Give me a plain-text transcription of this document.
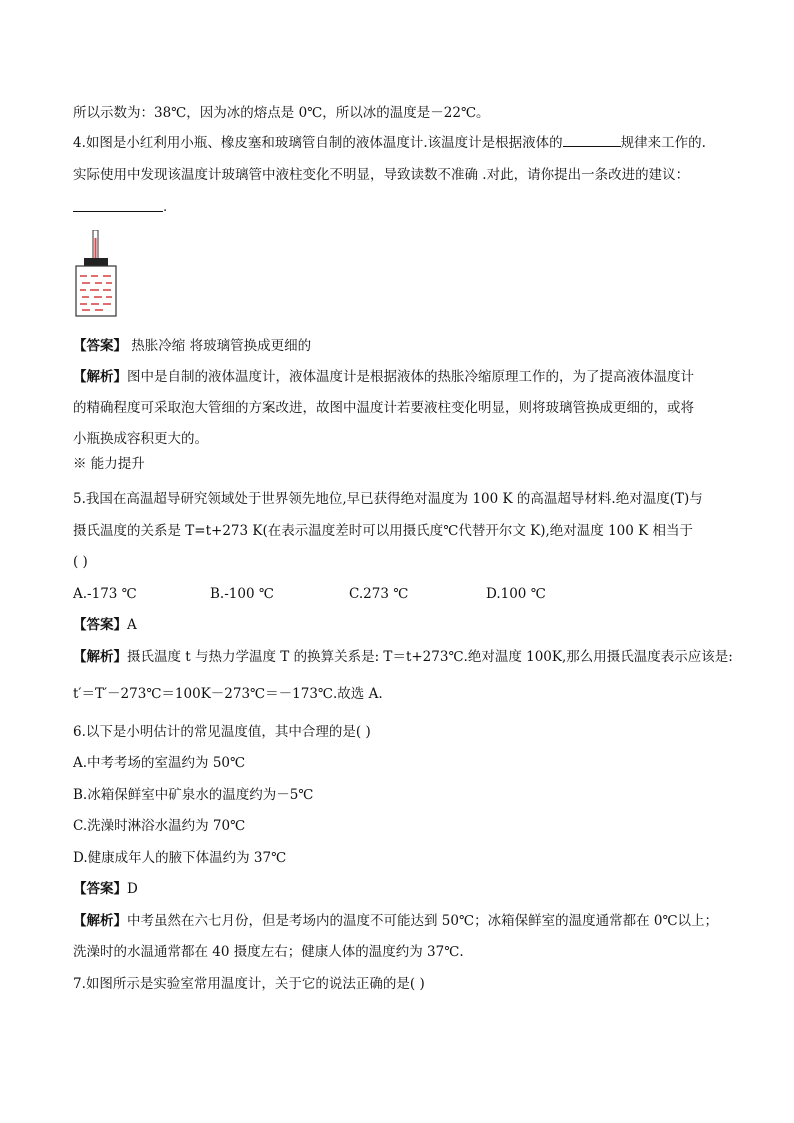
所以示数为：38℃，因为冰的熔点是 0℃，所以冰的温度是－22℃。
4.如图是小红利用小瓶、橡皮塞和玻璃管自制的液体温度计.该温度计是根据液体的	规律来工作的.
实际使用中发现该温度计玻璃管中液柱变化不明显，导致读数不准确 .对此，请你提出一条改进的建议：
.
【答案】 热胀冷缩 将玻璃管换成更细的
【解析】图中是自制的液体温度计，液体温度计是根据液体的热胀冷缩原理工作的，为了提高液体温度计
的精确程度可采取泡大管细的方案改进，故图中温度计若要液柱变化明显，则将玻璃管换成更细的，或将
小瓶换成容积更大的。
※ 能力提升
5.我国在高温超导研究领域处于世界领先地位,早已获得绝对温度为 100 K 的高温超导材料.绝对温度(T)与
摄氏温度的关系是 T=t+273 K(在表示温度差时可以用摄氏度℃代替开尔文 K),绝对温度 100 K 相当于
( )
A.-173 ℃	B.-100 ℃	C.273 ℃	D.100 ℃
【答案】A
【解析】摄氏温度 t 与热力学温度 T 的换算关系是: T＝t+273℃.绝对温度 100K,那么用摄氏温度表示应该是:
t′＝T′－273℃＝100K－273℃＝－173℃.故选 A.
6.以下是小明估计的常见温度值，其中合理的是( )
A.中考考场的室温约为 50℃
B.冰箱保鲜室中矿泉水的温度约为－5℃
C.洗澡时淋浴水温约为 70℃
D.健康成年人的腋下体温约为 37℃
【答案】D
【解析】中考虽然在六七月份，但是考场内的温度不可能达到 50℃；冰箱保鲜室的温度通常都在 0℃以上；
洗澡时的水温通常都在 40 摄度左右；健康人体的温度约为 37℃.
7.如图所示是实验室常用温度计，关于它的说法正确的是( )
